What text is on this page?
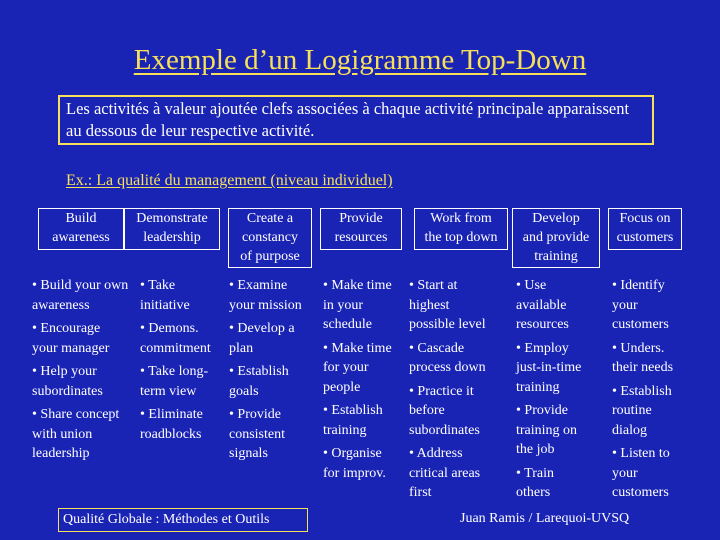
Exemple d’un Logigramme Top-Down
Les activités à valeur ajoutée clefs associées à chaque activité principale apparaissent au dessous de leur respective activité.
Ex.: La qualité du management (niveau individuel)
Build
awareness
• Build your own
awareness
• Encourage
your manager
• Help your
subordinates
• Share concept
with union
leadership
Demonstrate
leadership
• Take
initiative
• Demons.
commitment
• Take long-
term view
• Eliminate
roadblocks
Create a
constancy
of purpose
• Examine
your mission
• Develop a
plan
• Establish
goals
• Provide
consistent
signals
Provide
resources
• Make time
in your
schedule
• Make time
for your
people
• Establish
training
• Organise
for improv.
Work from
the top down
• Start at
highest
possible level
• Cascade
process down
• Practice it
before
subordinates
• Address
critical areas
first
Develop
and provide
training
• Use
available
resources
• Employ
just-in-time
training
• Provide
training on
the job
• Train
others
Focus on
customers
• Identify
your
customers
• Unders.
their needs
• Establish
routine
dialog
• Listen to
your
customers
Qualité Globale : Méthodes et Outils	Juan Ramis / Larequoi-UVSQ
